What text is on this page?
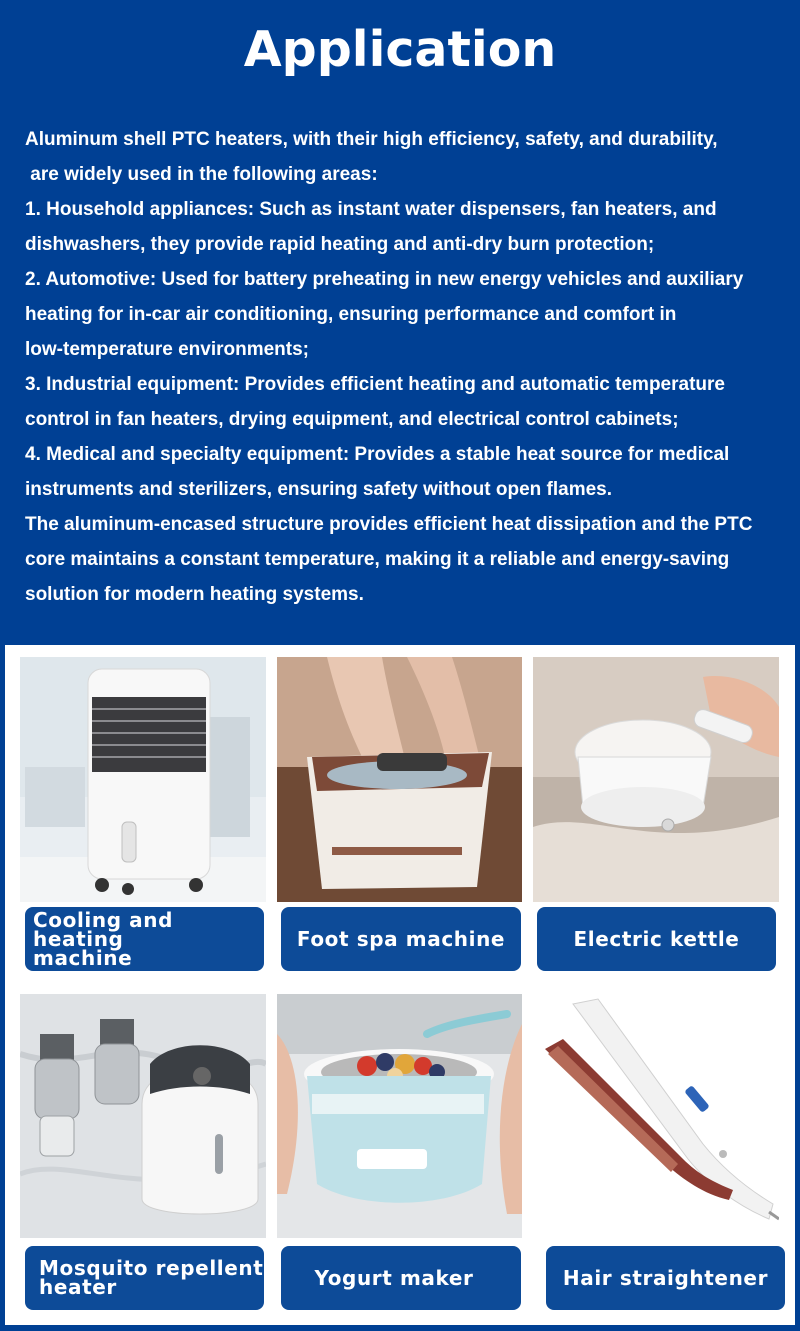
Application
Aluminum shell PTC heaters, with their high efficiency, safety, and durability,
are widely used in the following areas:
1. Household appliances: Such as instant water dispensers, fan heaters, and
dishwashers, they provide rapid heating and anti-dry burn protection;
2. Automotive: Used for battery preheating in new energy vehicles and auxiliary
heating for in-car air conditioning, ensuring performance and comfort in
low-temperature environments;
3. Industrial equipment: Provides efficient heating and automatic temperature
control in fan heaters, drying equipment, and electrical control cabinets;
4. Medical and specialty equipment: Provides a stable heat source for medical
instruments and sterilizers, ensuring safety without open flames.
The aluminum-encased structure provides efficient heat dissipation and the PTC
core maintains a constant temperature, making it a reliable and energy-saving
solution for modern heating systems.
Cooling and heating
machine
Foot spa machine	Electric kettle
Mosquito repellent
heater	Yogurt maker	Hair straightener
